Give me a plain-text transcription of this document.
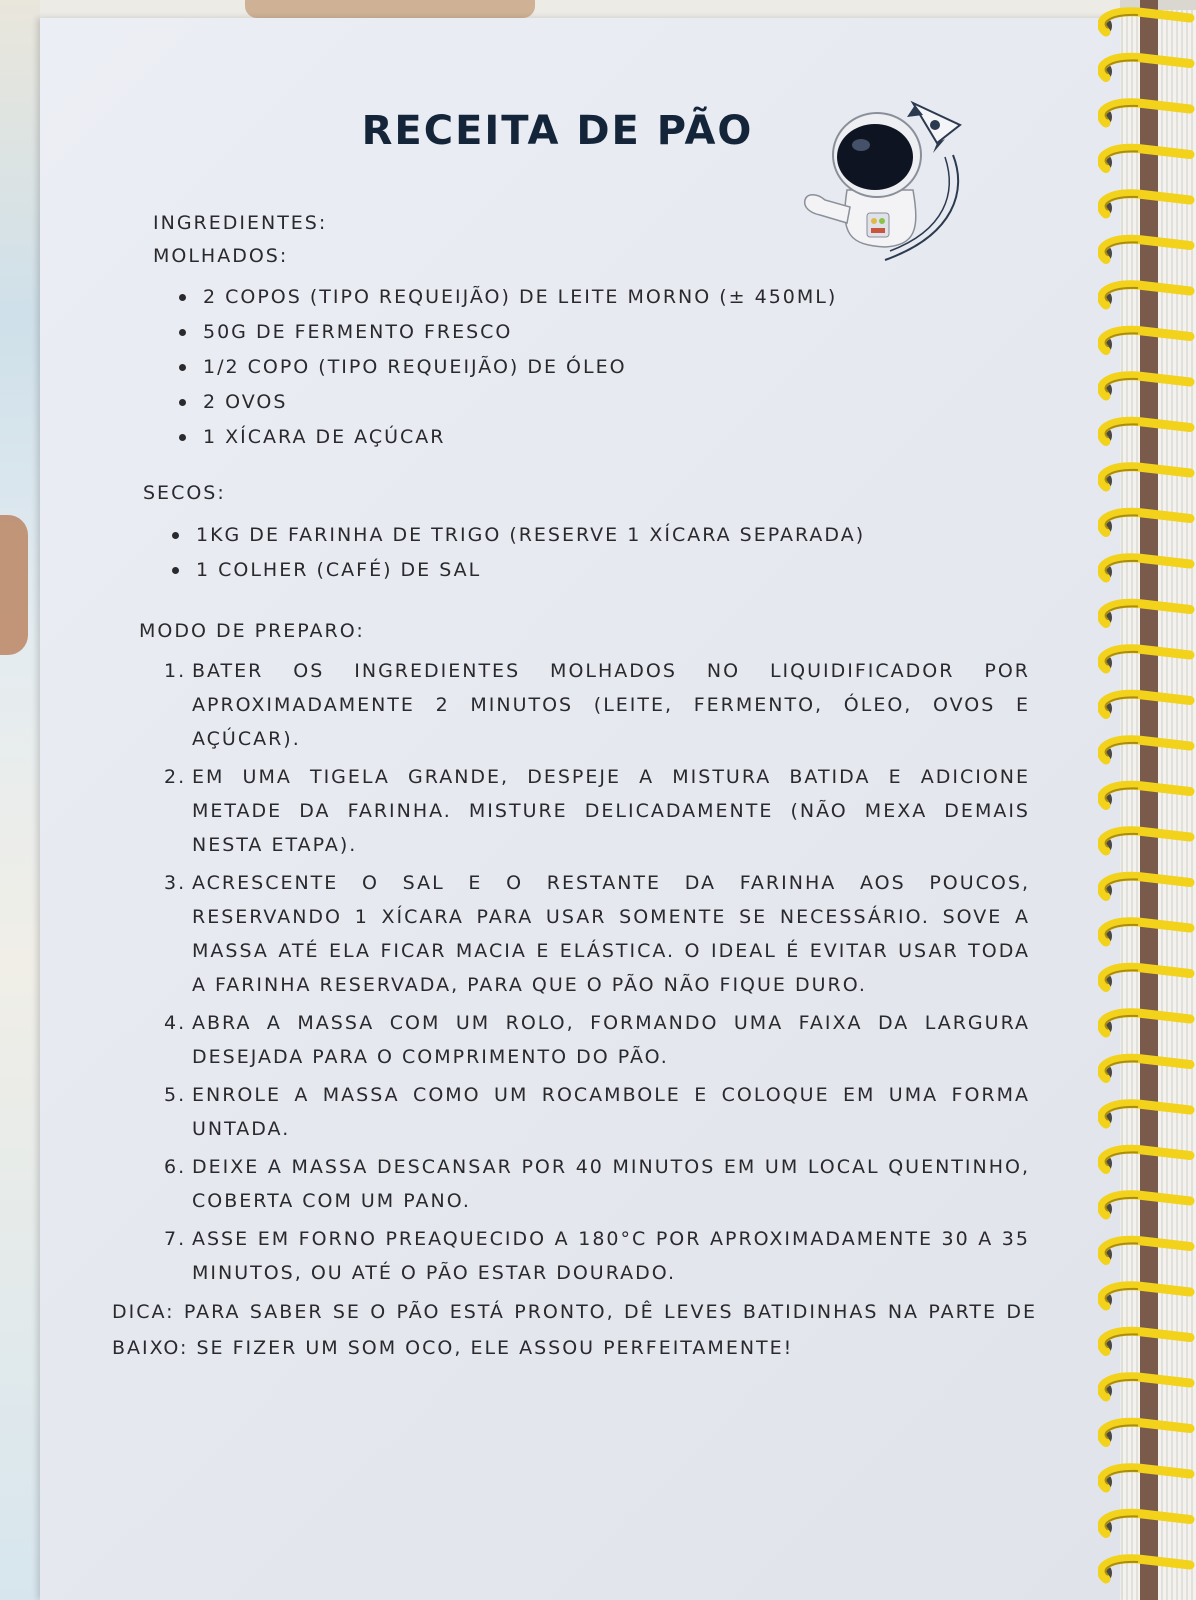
RECEITA DE PÃO

INGREDIENTES:

MOLHADOS:

2 COPOS (TIPO REQUEIJÃO) DE LEITE MORNO (± 450ML)
50G DE FERMENTO FRESCO
1/2 COPO (TIPO REQUEIJÃO) DE ÓLEO
2 OVOS
1 XÍCARA DE AÇÚCAR

SECOS:

1KG DE FARINHA DE TRIGO (RESERVE 1 XÍCARA SEPARADA)
1 COLHER (CAFÉ) DE SAL

MODO DE PREPARO:

1. BATER OS INGREDIENTES MOLHADOS NO LIQUIDIFICADOR POR APROXIMADAMENTE 2 MINUTOS (LEITE, FERMENTO, ÓLEO, OVOS E AÇÚCAR).
2. EM UMA TIGELA GRANDE, DESPEJE A MISTURA BATIDA E ADICIONE METADE DA FARINHA. MISTURE DELICADAMENTE (NÃO MEXA DEMAIS NESTA ETAPA).
3. ACRESCENTE O SAL E O RESTANTE DA FARINHA AOS POUCOS, RESERVANDO 1 XÍCARA PARA USAR SOMENTE SE NECESSÁRIO. SOVE A MASSA ATÉ ELA FICAR MACIA E ELÁSTICA. O IDEAL É EVITAR USAR TODA A FARINHA RESERVADA, PARA QUE O PÃO NÃO FIQUE DURO.
4. ABRA A MASSA COM UM ROLO, FORMANDO UMA FAIXA DA LARGURA DESEJADA PARA O COMPRIMENTO DO PÃO.
5. ENROLE A MASSA COMO UM ROCAMBOLE E COLOQUE EM UMA FORMA UNTADA.
6. DEIXE A MASSA DESCANSAR POR 40 MINUTOS EM UM LOCAL QUENTINHO, COBERTA COM UM PANO.
7. ASSE EM FORNO PREAQUECIDO A 180°C POR APROXIMADAMENTE 30 A 35 MINUTOS, OU ATÉ O PÃO ESTAR DOURADO.

DICA: PARA SABER SE O PÃO ESTÁ PRONTO, DÊ LEVES BATIDINHAS NA PARTE DE BAIXO: SE FIZER UM SOM OCO, ELE ASSOU PERFEITAMENTE!
